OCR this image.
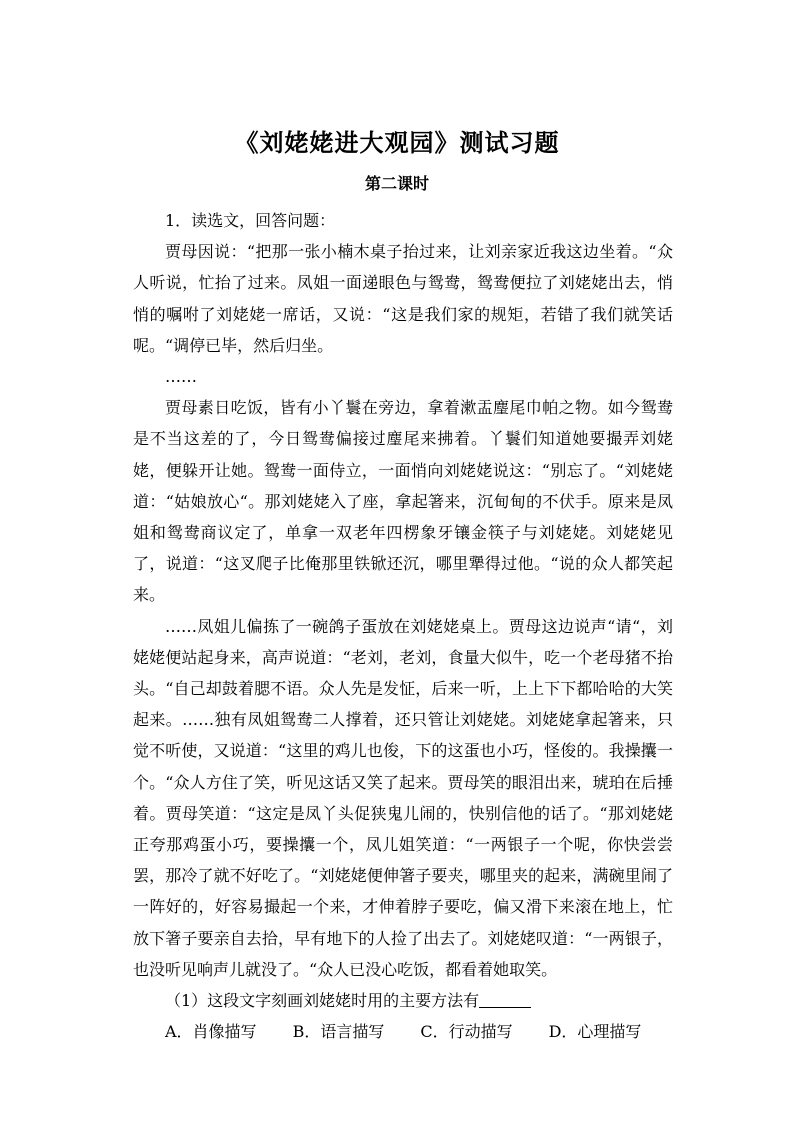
《刘姥姥进大观园》测试习题
第二课时

1．读选文，回答问题：

贾母因说：“把那一张小楠木桌子抬过来，让刘亲家近我这边坐着。“众人听说，忙抬了过来。凤姐一面递眼色与鸳鸯，鸳鸯便拉了刘姥姥出去，悄悄的嘱咐了刘姥姥一席话，又说：“这是我们家的规矩，若错了我们就笑话呢。“调停已毕，然后归坐。

……

贾母素日吃饭，皆有小丫鬟在旁边，拿着漱盂麈尾巾帕之物。如今鸳鸯是不当这差的了，今日鸳鸯偏接过麈尾来拂着。丫鬟们知道她要撮弄刘姥姥，便躲开让她。鸳鸯一面侍立，一面悄向刘姥姥说这：“别忘了。“刘姥姥道：“姑娘放心“。那刘姥姥入了座，拿起箸来，沉甸甸的不伏手。原来是凤姐和鸳鸯商议定了，单拿一双老年四楞象牙镶金筷子与刘姥姥。刘姥姥见了，说道：“这叉爬子比俺那里铁锨还沉，哪里犟得过他。“说的众人都笑起来。

……凤姐儿偏拣了一碗鸽子蛋放在刘姥姥桌上。贾母这边说声“请“，刘姥姥便站起身来，高声说道：“老刘，老刘，食量大似牛，吃一个老母猪不抬头。“自己却鼓着腮不语。众人先是发怔，后来一听，上上下下都哈哈的大笑起来。……独有凤姐鸳鸯二人撑着，还只管让刘姥姥。刘姥姥拿起箸来，只觉不听使，又说道：“这里的鸡儿也俊，下的这蛋也小巧，怪俊的。我操攮一个。“众人方住了笑，听见这话又笑了起来。贾母笑的眼泪出来，琥珀在后捶着。贾母笑道：“这定是凤丫头促狭鬼儿闹的，快别信他的话了。“那刘姥姥正夸那鸡蛋小巧，要操攮一个，凤儿姐笑道：“一两银子一个呢，你快尝尝罢，那冷了就不好吃了。“刘姥姥便伸箸子要夹，哪里夹的起来，满碗里闹了一阵好的，好容易撮起一个来，才伸着脖子要吃，偏又滑下来滚在地上，忙放下箸子要亲自去拾，早有地下的人捡了出去了。刘姥姥叹道：“一两银子，也没听见响声儿就没了。“众人已没心吃饭，都看着她取笑。

（1）这段文字刻画刘姥姥时用的主要方法有

A．肖像描写 B．语言描写 C．行动描写 D．心理描写
